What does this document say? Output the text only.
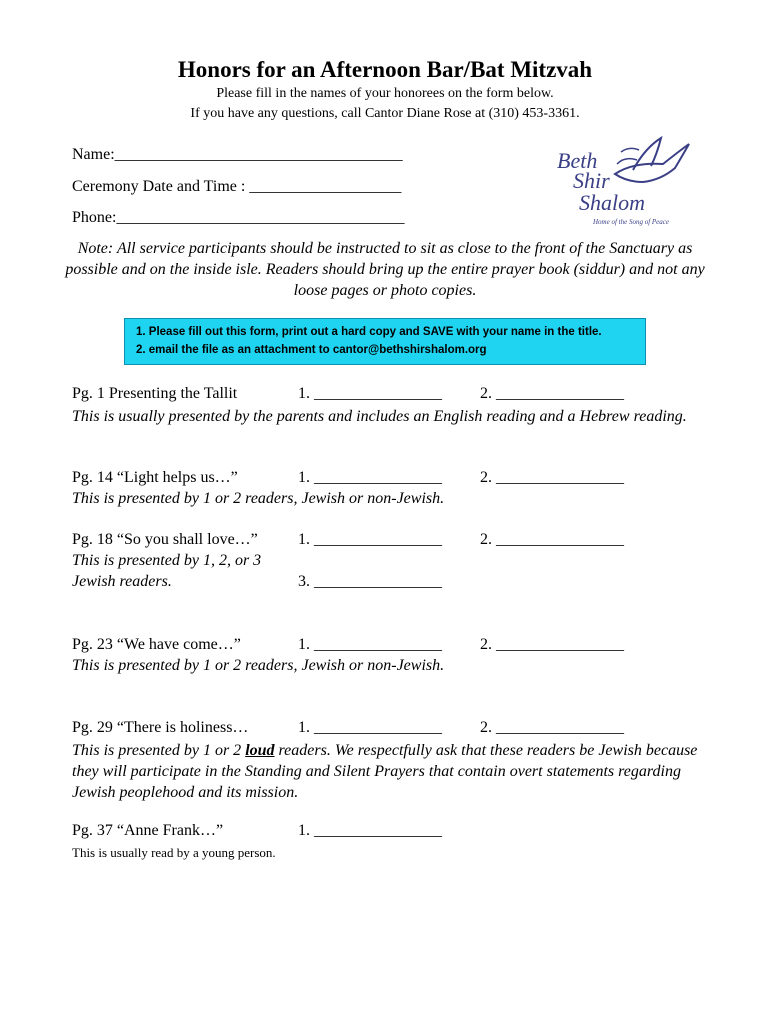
Honors for an Afternoon Bar/Bat Mitzvah
Please fill in the names of your honorees on the form below.
If you have any questions, call Cantor Diane Rose at (310) 453-3361.
Name:____________________________________
Ceremony Date and Time : ___________________
Phone:____________________________________
Beth
Shir
Shalom
Home of the Song of Peace
Note: All service participants should be instructed to sit as close to the front of the Sanctuary as possible and on the inside isle. Readers should bring up the entire prayer book (siddur) and not any loose pages or photo copies.
1. Please fill out this form, print out a hard copy and SAVE with your name in the title.
2. email the file as an attachment to cantor@bethshirshalom.org
Pg. 1 Presenting the Tallit	1. ________________ 2. ________________
This is usually presented by the parents and includes an English reading and a Hebrew reading.
Pg. 14 “Light helps us…”	1. ________________ 2. ________________
This is presented by 1 or 2 readers, Jewish or non-Jewish.
Pg. 18 “So you shall love…”	1. ________________ 2. ________________
This is presented by 1, 2, or 3
Jewish readers.	3. ________________
Pg. 23 “We have come…”	1. ________________ 2. ________________
This is presented by 1 or 2 readers, Jewish or non-Jewish.
Pg. 29 “There is holiness…	1. ________________ 2. ________________
This is presented by 1 or 2 loud readers. We respectfully ask that these readers be Jewish because they will participate in the Standing and Silent Prayers that contain overt statements regarding Jewish peoplehood and its mission.
Pg. 37 “Anne Frank…”	1. ________________
This is usually read by a young person.
